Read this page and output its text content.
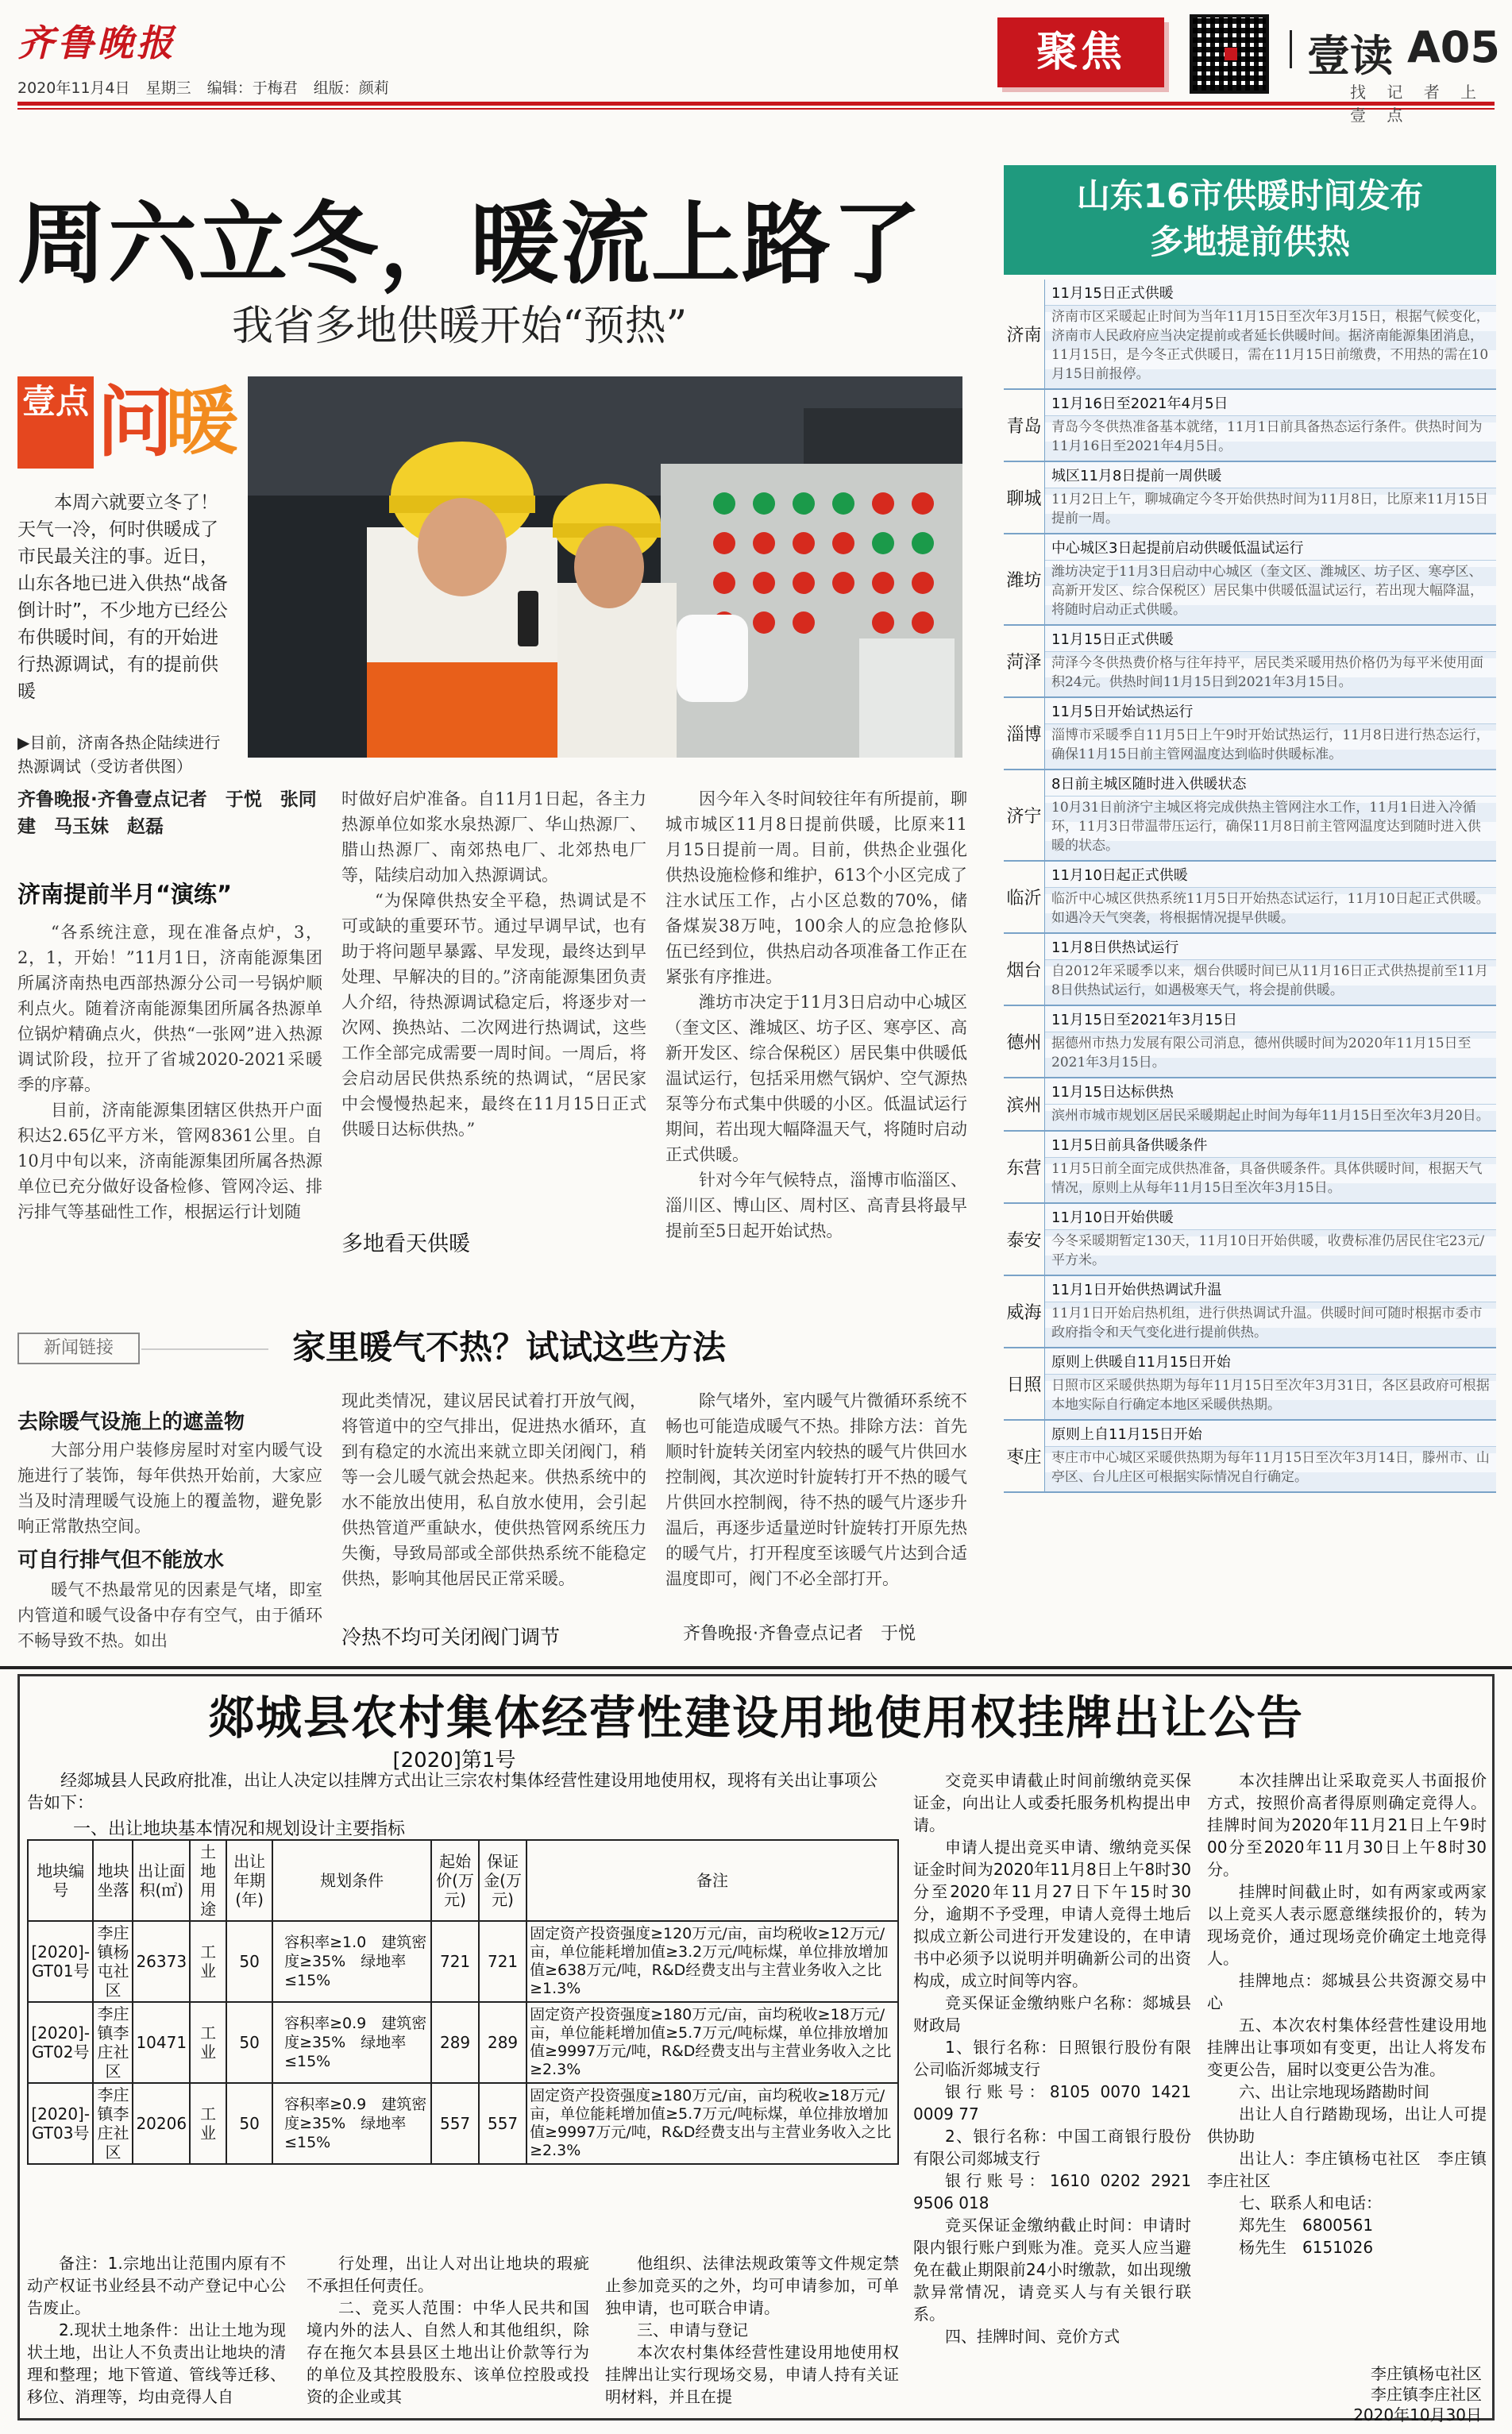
齐鲁晚报
2020年11月4日 星期三 编辑：于梅君 组版：颜莉
聚焦	壹读 A05
找 记 者 上 壹 点
周六立冬，暖流上路了
我省多地供暖开始“预热”
壹点 问
暖
本周六就要立冬了！天气一冷，何时供暖成了市民最关注的事。近日，山东各地已进入供热“战备倒计时”，不少地方已经公布供暖时间，有的开始进行热源调试，有的提前供暖
▶目前，济南各热企陆续进行热源调试（受访者供图）
齐鲁晚报·齐鲁壹点记者　于悦　张同建　马玉妹　赵磊
济南提前半月“演练”

“各系统注意，现在准备点炉，3，2，1，开始！”11月1日，济南能源集团所属济南热电西部热源分公司一号锅炉顺利点火。随着济南能源集团所属各热源单位锅炉精确点火，供热“一张网”进入热源调试阶段，拉开了省城2020-2021采暖季的序幕。

目前，济南能源集团辖区供热开户面积达2.65亿平方米，管网8361公里。自10月中旬以来，济南能源集团所属各热源单位已充分做好设备检修、管网冷运、排污排气等基础性工作，根据运行计划随

时做好启炉准备。自11月1日起，各主力热源单位如浆水泉热源厂、华山热源厂、腊山热源厂、南郊热电厂、北郊热电厂等，陆续启动加入热源调试。

“为保障供热安全平稳，热调试是不可或缺的重要环节。通过早调早试，也有助于将问题早暴露、早发现，最终达到早处理、早解决的目的。”济南能源集团负责人介绍，待热源调试稳定后，将逐步对一次网、换热站、二次网进行热调试，这些工作全部完成需要一周时间。一周后，将会启动居民供热系统的热调试，“居民家中会慢慢热起来，最终在11月15日正式供暖日达标供热。”

多地看天供暖

因今年入冬时间较往年有所提前，聊城市城区11月8日提前供暖，比原来11月15日提前一周。目前，供热企业强化供热设施检修和维护，613个小区完成了注水试压工作，占小区总数的70%，储备煤炭38万吨，100余人的应急抢修队伍已经到位，供热启动各项准备工作正在紧张有序推进。

潍坊市决定于11月3日启动中心城区（奎文区、潍城区、坊子区、寒亭区、高新开发区、综合保税区）居民集中供暖低温试运行，包括采用燃气锅炉、空气源热泵等分布式集中供暖的小区。低温试运行期间，若出现大幅降温天气，将随时启动正式供暖。

针对今年气候特点，淄博市临淄区、淄川区、博山区、周村区、高青县将最早提前至5日起开始试热。

新闻链接	家里暖气不热？试试这些方法
去除暖气设施上的遮盖物

大部分用户装修房屋时对室内暖气设施进行了装饰，每年供热开始前，大家应当及时清理暖气设施上的覆盖物，避免影响正常散热空间。

可自行排气但不能放水

暖气不热最常见的因素是气堵，即室内管道和暖气设备中存有空气，由于循环不畅导致不热。如出

现此类情况，建议居民试着打开放气阀，将管道中的空气排出，促进热水循环，直到有稳定的水流出来就立即关闭阀门，稍等一会儿暖气就会热起来。供热系统中的水不能放出使用，私自放水使用，会引起供热管道严重缺水，使供热管网系统压力失衡，导致局部或全部供热系统不能稳定供热，影响其他居民正常采暖。

冷热不均可关闭阀门调节

除气堵外，室内暖气片微循环系统不畅也可能造成暖气不热。排除方法：首先顺时针旋转关闭室内较热的暖气片供回水控制阀，其次逆时针旋转打开不热的暖气片供回水控制阀，待不热的暖气片逐步升温后，再逐步适量逆时针旋转打开原先热的暖气片，打开程度至该暖气片达到合适温度即可，阀门不必全部打开。

齐鲁晚报·齐鲁壹点记者　于悦
山东16市供暖时间发布
多地提前供热
济南
11月15日正式供暖
济南市区采暖起止时间为当年11月15日至次年3月15日，根据气候变化，济南市人民政府应当决定提前或者延长供暖时间。据济南能源集团消息，11月15日，是今冬正式供暖日，需在11月15日前缴费，不用热的需在10月15日前报停。
青岛
11月16日至2021年4月5日
青岛今冬供热准备基本就绪，11月1日前具备热态运行条件。供热时间为11月16日至2021年4月5日。
聊城
城区11月8日提前一周供暖
11月2日上午，聊城确定今冬开始供热时间为11月8日，比原来11月15日提前一周。
潍坊
中心城区3日起提前启动供暖低温试运行
潍坊决定于11月3日启动中心城区（奎文区、潍城区、坊子区、寒亭区、高新开发区、综合保税区）居民集中供暖低温试运行，若出现大幅降温，将随时启动正式供暖。
菏泽
11月15日正式供暖
菏泽今冬供热费价格与往年持平，居民类采暖用热价格仍为每平米使用面积24元。供热时间11月15日到2021年3月15日。
淄博
11月5日开始试热运行
淄博市采暖季自11月5日上午9时开始试热运行，11月8日进行热态运行，确保11月15日前主管网温度达到临时供暖标准。
济宁
8日前主城区随时进入供暖状态
10月31日前济宁主城区将完成供热主管网注水工作，11月1日进入冷循环，11月3日带温带压运行，确保11月8日前主管网温度达到随时进入供暖的状态。
临沂
11月10日起正式供暖
临沂中心城区供热系统11月5日开始热态试运行，11月10日起正式供暖。如遇冷天气突袭，将根据情况提早供暖。
烟台
11月8日供热试运行
自2012年采暖季以来，烟台供暖时间已从11月16日正式供热提前至11月8日供热试运行，如遇极寒天气，将会提前供暖。
德州
11月15日至2021年3月15日
据德州市热力发展有限公司消息，德州供暖时间为2020年11月15日至2021年3月15日。
滨州
11月15日达标供热
滨州市城市规划区居民采暖期起止时间为每年11月15日至次年3月20日。
东营
11月5日前具备供暖条件
11月5日前全面完成供热准备，具备供暖条件。具体供暖时间，根据天气情况，原则上从每年11月15日至次年3月15日。
泰安
11月10日开始供暖
今冬采暖期暂定130天，11月10日开始供暖，收费标准仍居民住宅23元/平方米。
威海
11月1日开始供热调试升温
11月1日开始启热机组，进行供热调试升温。供暖时间可随时根据市委市政府指令和天气变化进行提前供热。
日照
原则上供暖自11月15日开始
日照市区采暖供热期为每年11月15日至次年3月31日，各区县政府可根据本地实际自行确定本地区采暖供热期。
枣庄
原则上自11月15日开始
枣庄市中心城区采暖供热期为每年11月15日至次年3月14日，滕州市、山亭区、台儿庄区可根据实际情况自行确定。
郯城县农村集体经营性建设用地使用权挂牌出让公告
[2020]第1号
经郯城县人民政府批准，出让人决定以挂牌方式出让三宗农村集体经营性建设用地使用权，现将有关出让事项公告如下：
一、出让地块基本情况和规划设计主要指标
地块编号	地块坐落	出让面积(㎡)	土地用途	出让年期(年)	规划条件	起始价(万元)	保证金(万元)	备注
[2020]-GT01号	李庄镇杨屯社区	26373	工业	50	容积率≥1.0　建筑密度≥35%　绿地率≤15%	721	721	固定资产投资强度≥120万元/亩，亩均税收≥12万元/亩，单位能耗增加值≥3.2万元/吨标煤，单位排放增加值≥638万元/吨，R&D经费支出与主营业务收入之比≥1.3%
[2020]-GT02号	李庄镇李庄社区	10471	工业	50	容积率≥0.9　建筑密度≥35%　绿地率≤15%	289	289	固定资产投资强度≥180万元/亩，亩均税收≥18万元/亩，单位能耗增加值≥5.7万元/吨标煤，单位排放增加值≥9997万元/吨，R&D经费支出与主营业务收入之比≥2.3%
[2020]-GT03号	李庄镇李庄社区	20206	工业	50	容积率≥0.9　建筑密度≥35%　绿地率≤15%	557	557	固定资产投资强度≥180万元/亩，亩均税收≥18万元/亩，单位能耗增加值≥5.7万元/吨标煤，单位排放增加值≥9997万元/吨，R&D经费支出与主营业务收入之比≥2.3%

备注：1.宗地出让范围内原有不动产权证书业经县不动产登记中心公告废止。

2.现状土地条件：出让土地为现状土地，出让人不负责出让地块的清理和整理；地下管道、管线等迁移、移位、消理等，均由竞得人自

行处理，出让人对出让地块的瑕疵不承担任何责任。

二、竞买人范围：中华人民共和国境内外的法人、自然人和其他组织，除存在拖欠本县县区土地出让价款等行为的单位及其控股股东、该单位控股或投资的企业或其

他组织、法律法规政策等文件规定禁止参加竞买的之外，均可申请参加，可单独申请，也可联合申请。

三、申请与登记

本次农村集体经营性建设用地使用权挂牌出让实行现场交易，申请人持有关证明材料，并且在提

交竞买申请截止时间前缴纳竞买保证金，向出让人或委托服务机构提出申请。

申请人提出竞买申请、缴纳竞买保证金时间为2020年11月8日上午8时30分至2020年11月27日下午15时30分，逾期不予受理，申请人竞得土地后拟成立新公司进行开发建设的，在申请书中必须予以说明并明确新公司的出资构成，成立时间等内容。

竞买保证金缴纳账户名称：郯城县财政局

1、银行名称：日照银行股份有限公司临沂郯城支行

银行账号：8105 0070 1421 0009 77

2、银行名称：中国工商银行股份有限公司郯城支行

银行账号：1610 0202 2921 9506 018

竞买保证金缴纳截止时间：申请时限内银行账户到账为准。竞买人应当避免在截止期限前24小时缴款，如出现缴款异常情况，请竞买人与有关银行联系。

四、挂牌时间、竞价方式

本次挂牌出让采取竞买人书面报价方式，按照价高者得原则确定竞得人。挂牌时间为2020年11月21日上午9时00分至2020年11月30日上午8时30分。

挂牌时间截止时，如有两家或两家以上竞买人表示愿意继续报价的，转为现场竞价，通过现场竞价确定土地竞得人。

挂牌地点：郯城县公共资源交易中心

五、本次农村集体经营性建设用地挂牌出让事项如有变更，出让人将发布变更公告，届时以变更公告为准。

六、出让宗地现场踏勘时间

出让人自行踏勘现场，出让人可提供协助

出让人：李庄镇杨屯社区　李庄镇李庄社区

七、联系人和电话：

郑先生　6800561

杨先生　6151026

李庄镇杨屯社区
李庄镇李庄社区
2020年10月30日
